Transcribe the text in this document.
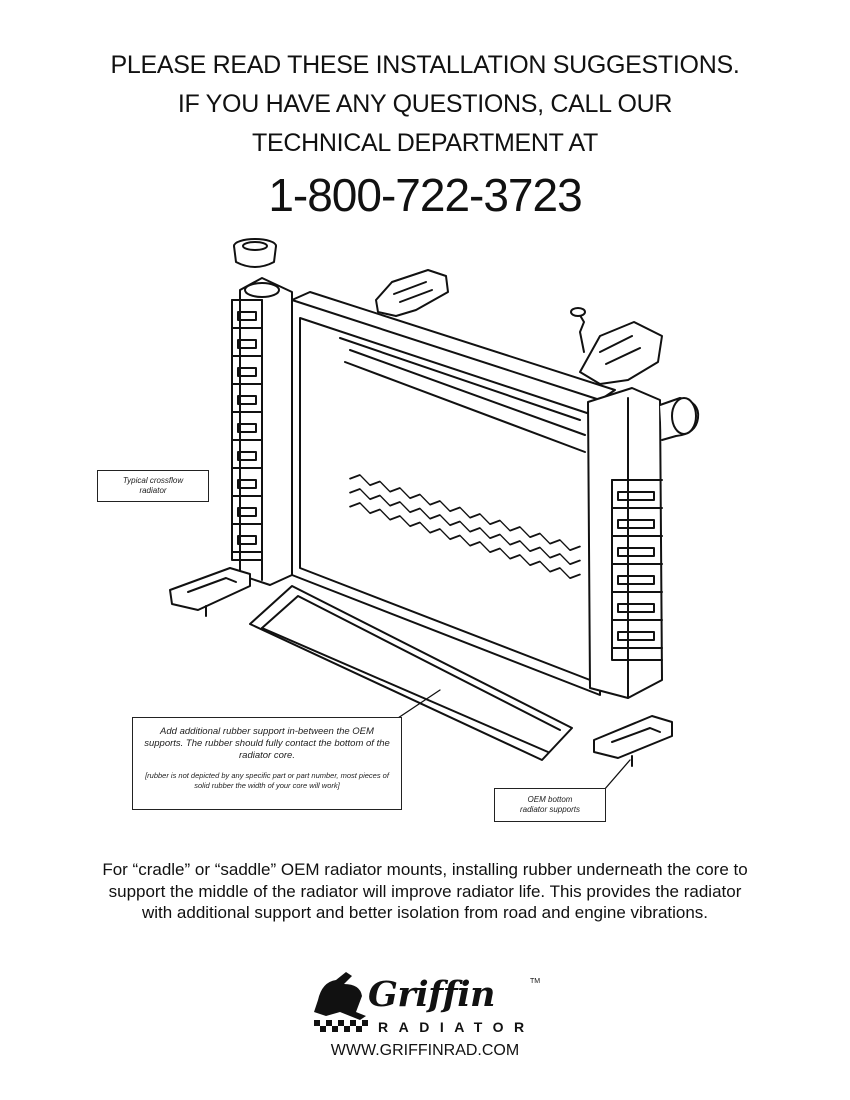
PLEASE READ THESE INSTALLATION SUGGESTIONS.
IF YOU HAVE ANY QUESTIONS, CALL OUR
TECHNICAL DEPARTMENT AT
1-800-722-3723
Typical crossflow
radiator
Add additional rubber support in-between the OEM supports. The rubber should fully contact the bottom of the radiator core.
[rubber is not depicted by any specific part or part number, most pieces of solid rubber the width of your core will work]
OEM bottom
radiator supports
For “cradle” or “saddle” OEM radiator mounts, installing rubber underneath the core to support the middle of the radiator will improve radiator life. This provides the radiator with additional support and better isolation from road and engine vibrations.
Griffin	TM
RADIATOR
WWW.GRIFFINRAD.COM
